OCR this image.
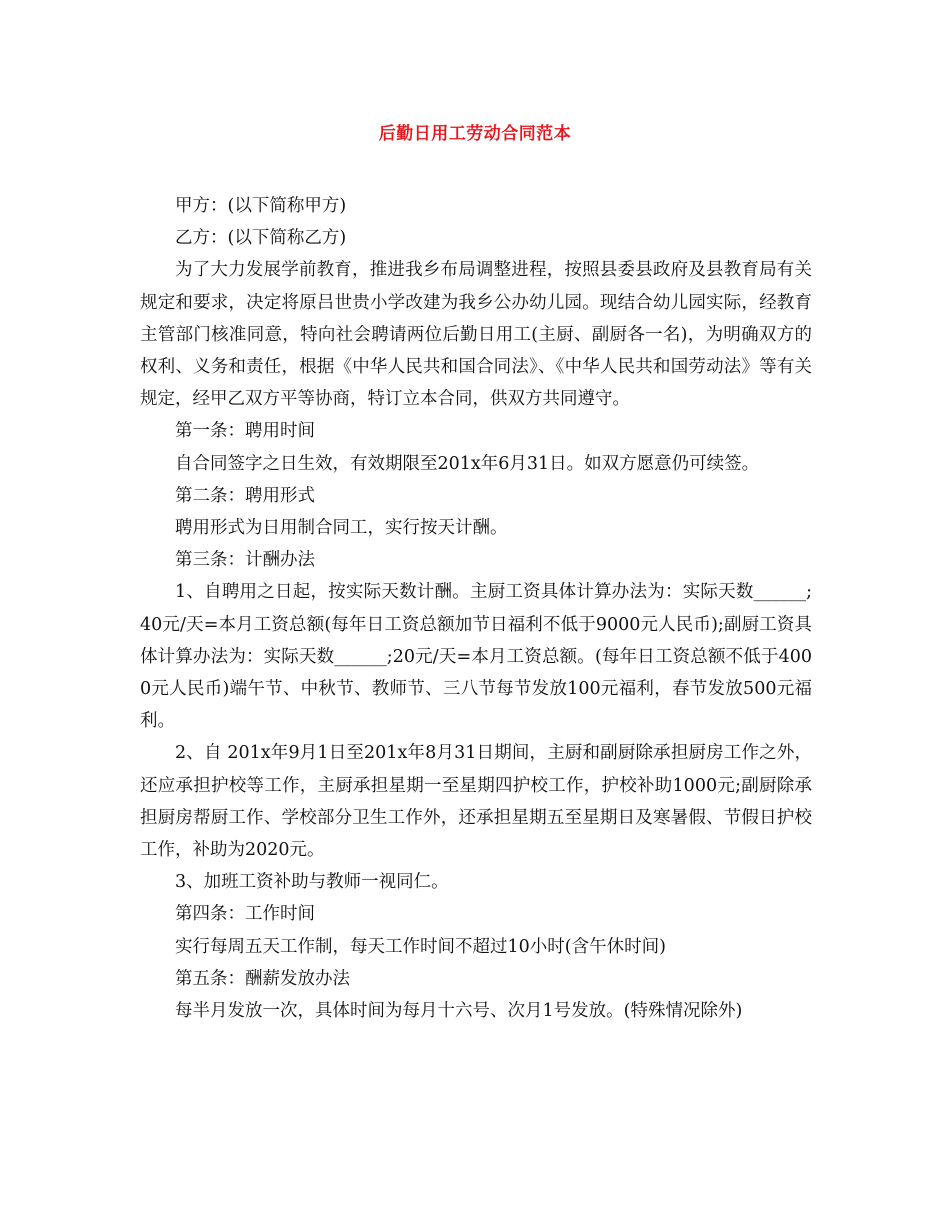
后勤日用工劳动合同范本

甲方：(以下简称甲方)

乙方：(以下简称乙方)

为了大力发展学前教育，推进我乡布局调整进程，按照县委县政府及县教育局有关规定和要求，决定将原吕世贵小学改建为我乡公办幼儿园。现结合幼儿园实际，经教育主管部门核准同意，特向社会聘请两位后勤日用工(主厨、副厨各一名)，为明确双方的权利、义务和责任，根据《中华人民共和国合同法》、《中华人民共和国劳动法》等有关规定，经甲乙双方平等协商，特订立本合同，供双方共同遵守。

第一条：聘用时间

自合同签字之日生效，有效期限至201x年6月31日。如双方愿意仍可续签。

第二条：聘用形式

聘用形式为日用制合同工，实行按天计酬。

第三条：计酬办法

1、自聘用之日起，按实际天数计酬。主厨工资具体计算办法为：实际天数______;40元/天=本月工资总额(每年日工资总额加节日福利不低于9000元人民币);副厨工资具体计算办法为：实际天数______;20元/天=本月工资总额。(每年日工资总额不低于4000元人民币)端午节、中秋节、教师节、三八节每节发放100元福利，春节发放500元福利。

2、自 201x年9月1日至201x年8月31日期间，主厨和副厨除承担厨房工作之外，还应承担护校等工作，主厨承担星期一至星期四护校工作，护校补助1000元;副厨除承担厨房帮厨工作、学校部分卫生工作外，还承担星期五至星期日及寒暑假、节假日护校工作，补助为2020元。

3、加班工资补助与教师一视同仁。

第四条：工作时间

实行每周五天工作制，每天工作时间不超过10小时(含午休时间)

第五条：酬薪发放办法

每半月发放一次，具体时间为每月十六号、次月1号发放。(特殊情况除外)
